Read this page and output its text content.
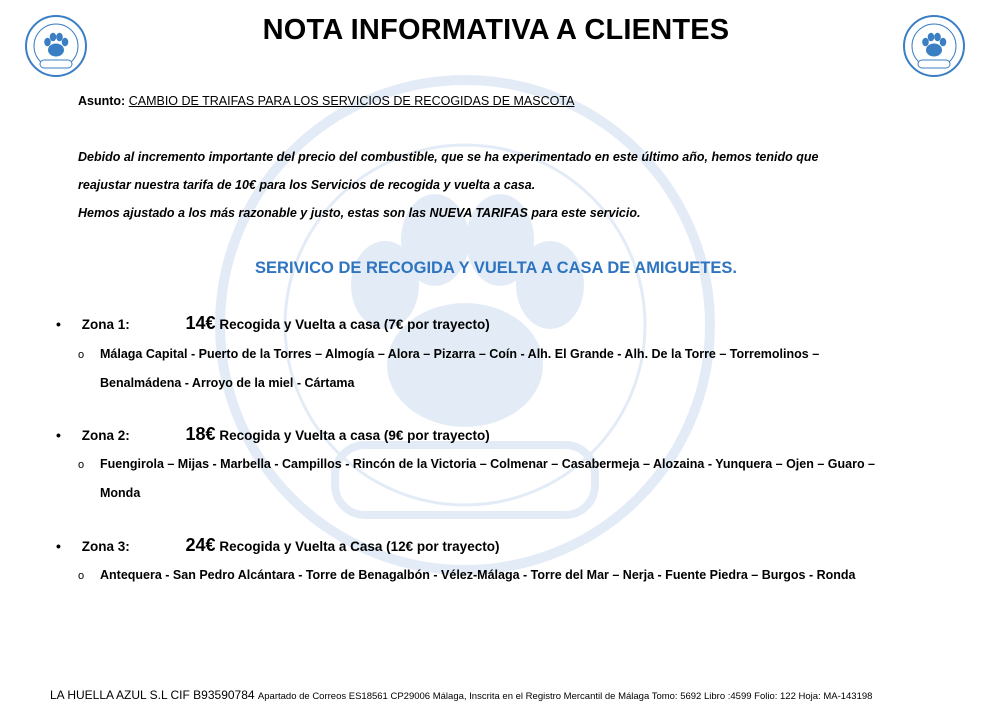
NOTA INFORMATIVA A CLIENTES
Asunto: CAMBIO DE TRAIFAS PARA LOS SERVICIOS DE RECOGIDAS DE MASCOTA
Debido al incremento importante del precio del combustible, que se ha experimentado en este último año, hemos tenido que
reajustar nuestra tarifa de 10€ para los Servicios de recogida y vuelta a casa.
Hemos ajustado a los más razonable y justo, estas son las NUEVA TARIFAS para este servicio.
SERIVICO DE RECOGIDA Y VUELTA A CASA DE AMIGUETES.
• Zona 1:	14€ Recogida y Vuelta a casa (7€ por trayecto)
o Málaga Capital - Puerto de la Torres – Almogía – Alora – Pizarra – Coín - Alh. El Grande - Alh. De la Torre – Torremolinos –
Benalmádena - Arroyo de la miel - Cártama
• Zona 2:	18€ Recogida y Vuelta a casa (9€ por trayecto)
o Fuengirola – Mijas - Marbella - Campillos - Rincón de la Victoria – Colmenar – Casabermeja – Alozaina - Yunquera – Ojen – Guaro –
Monda
• Zona 3:	24€ Recogida y Vuelta a Casa (12€ por trayecto)
o Antequera - San Pedro Alcántara - Torre de Benagalbón - Vélez-Málaga - Torre del Mar – Nerja - Fuente Piedra – Burgos - Ronda
LA HUELLA AZUL S.L CIF B93590784 Apartado de Correos ES18561 CP29006 Málaga, Inscrita en el Registro Mercantil de Málaga Tomo: 5692 Libro :4599 Folio: 122 Hoja: MA-143198
